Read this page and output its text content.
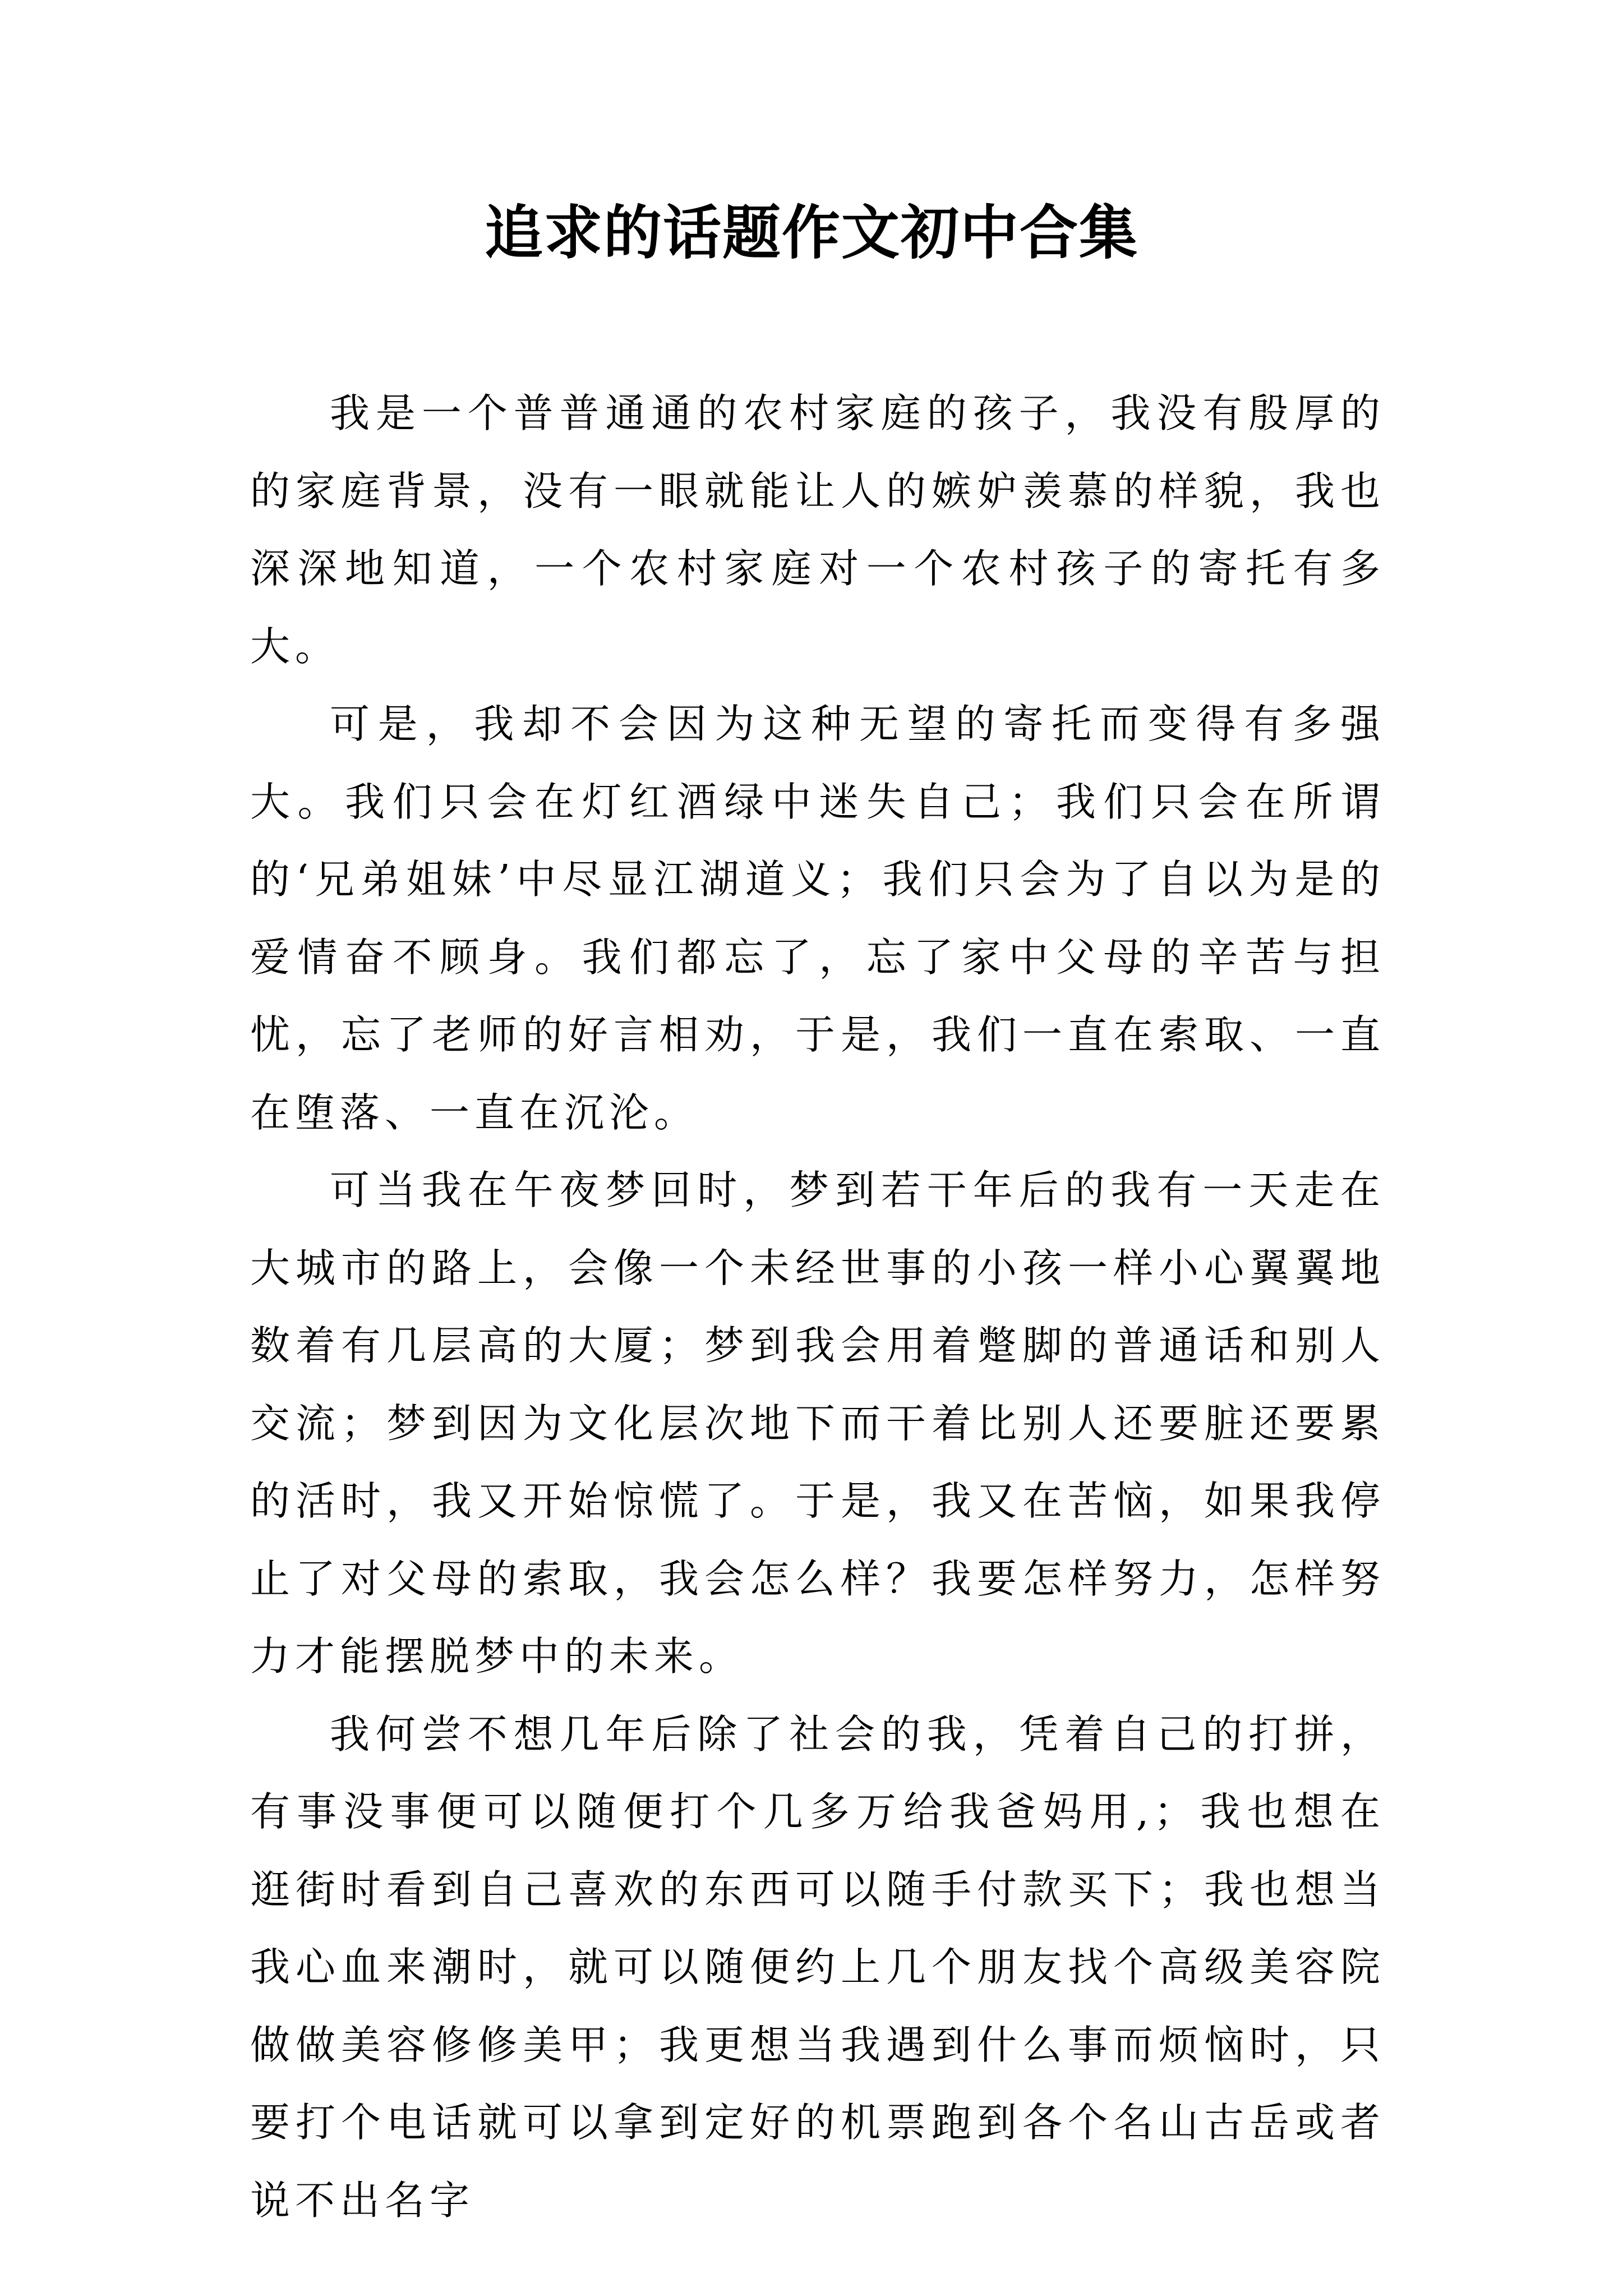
追求的话题作文初中合集

我是一个普普通通的农村家庭的孩子，我没有殷厚的的家庭背景，没有一眼就能让人的嫉妒羡慕的样貌，我也深深地知道，一个农村家庭对一个农村孩子的寄托有多大。

可是，我却不会因为这种无望的寄托而变得有多强大。我们只会在灯红酒绿中迷失自己；我们只会在所谓的‘兄弟姐妹’中尽显江湖道义；我们只会为了自以为是的爱情奋不顾身。我们都忘了，忘了家中父母的辛苦与担忧，忘了老师的好言相劝，于是，我们一直在索取、一直在堕落、一直在沉沦。

可当我在午夜梦回时，梦到若干年后的我有一天走在大城市的路上，会像一个未经世事的小孩一样小心翼翼地数着有几层高的大厦；梦到我会用着蹩脚的普通话和别人交流；梦到因为文化层次地下而干着比别人还要脏还要累的活时，我又开始惊慌了。于是，我又在苦恼，如果我停止了对父母的索取，我会怎么样？我要怎样努力，怎样努力才能摆脱梦中的未来。

我何尝不想几年后除了社会的我，凭着自己的打拼，有事没事便可以随便打个几多万给我爸妈用,；我也想在逛街时看到自己喜欢的东西可以随手付款买下；我也想当我心血来潮时，就可以随便约上几个朋友找个高级美容院做做美容修修美甲；我更想当我遇到什么事而烦恼时，只要打个电话就可以拿到定好的机票跑到各个名山古岳或者说不出名字
